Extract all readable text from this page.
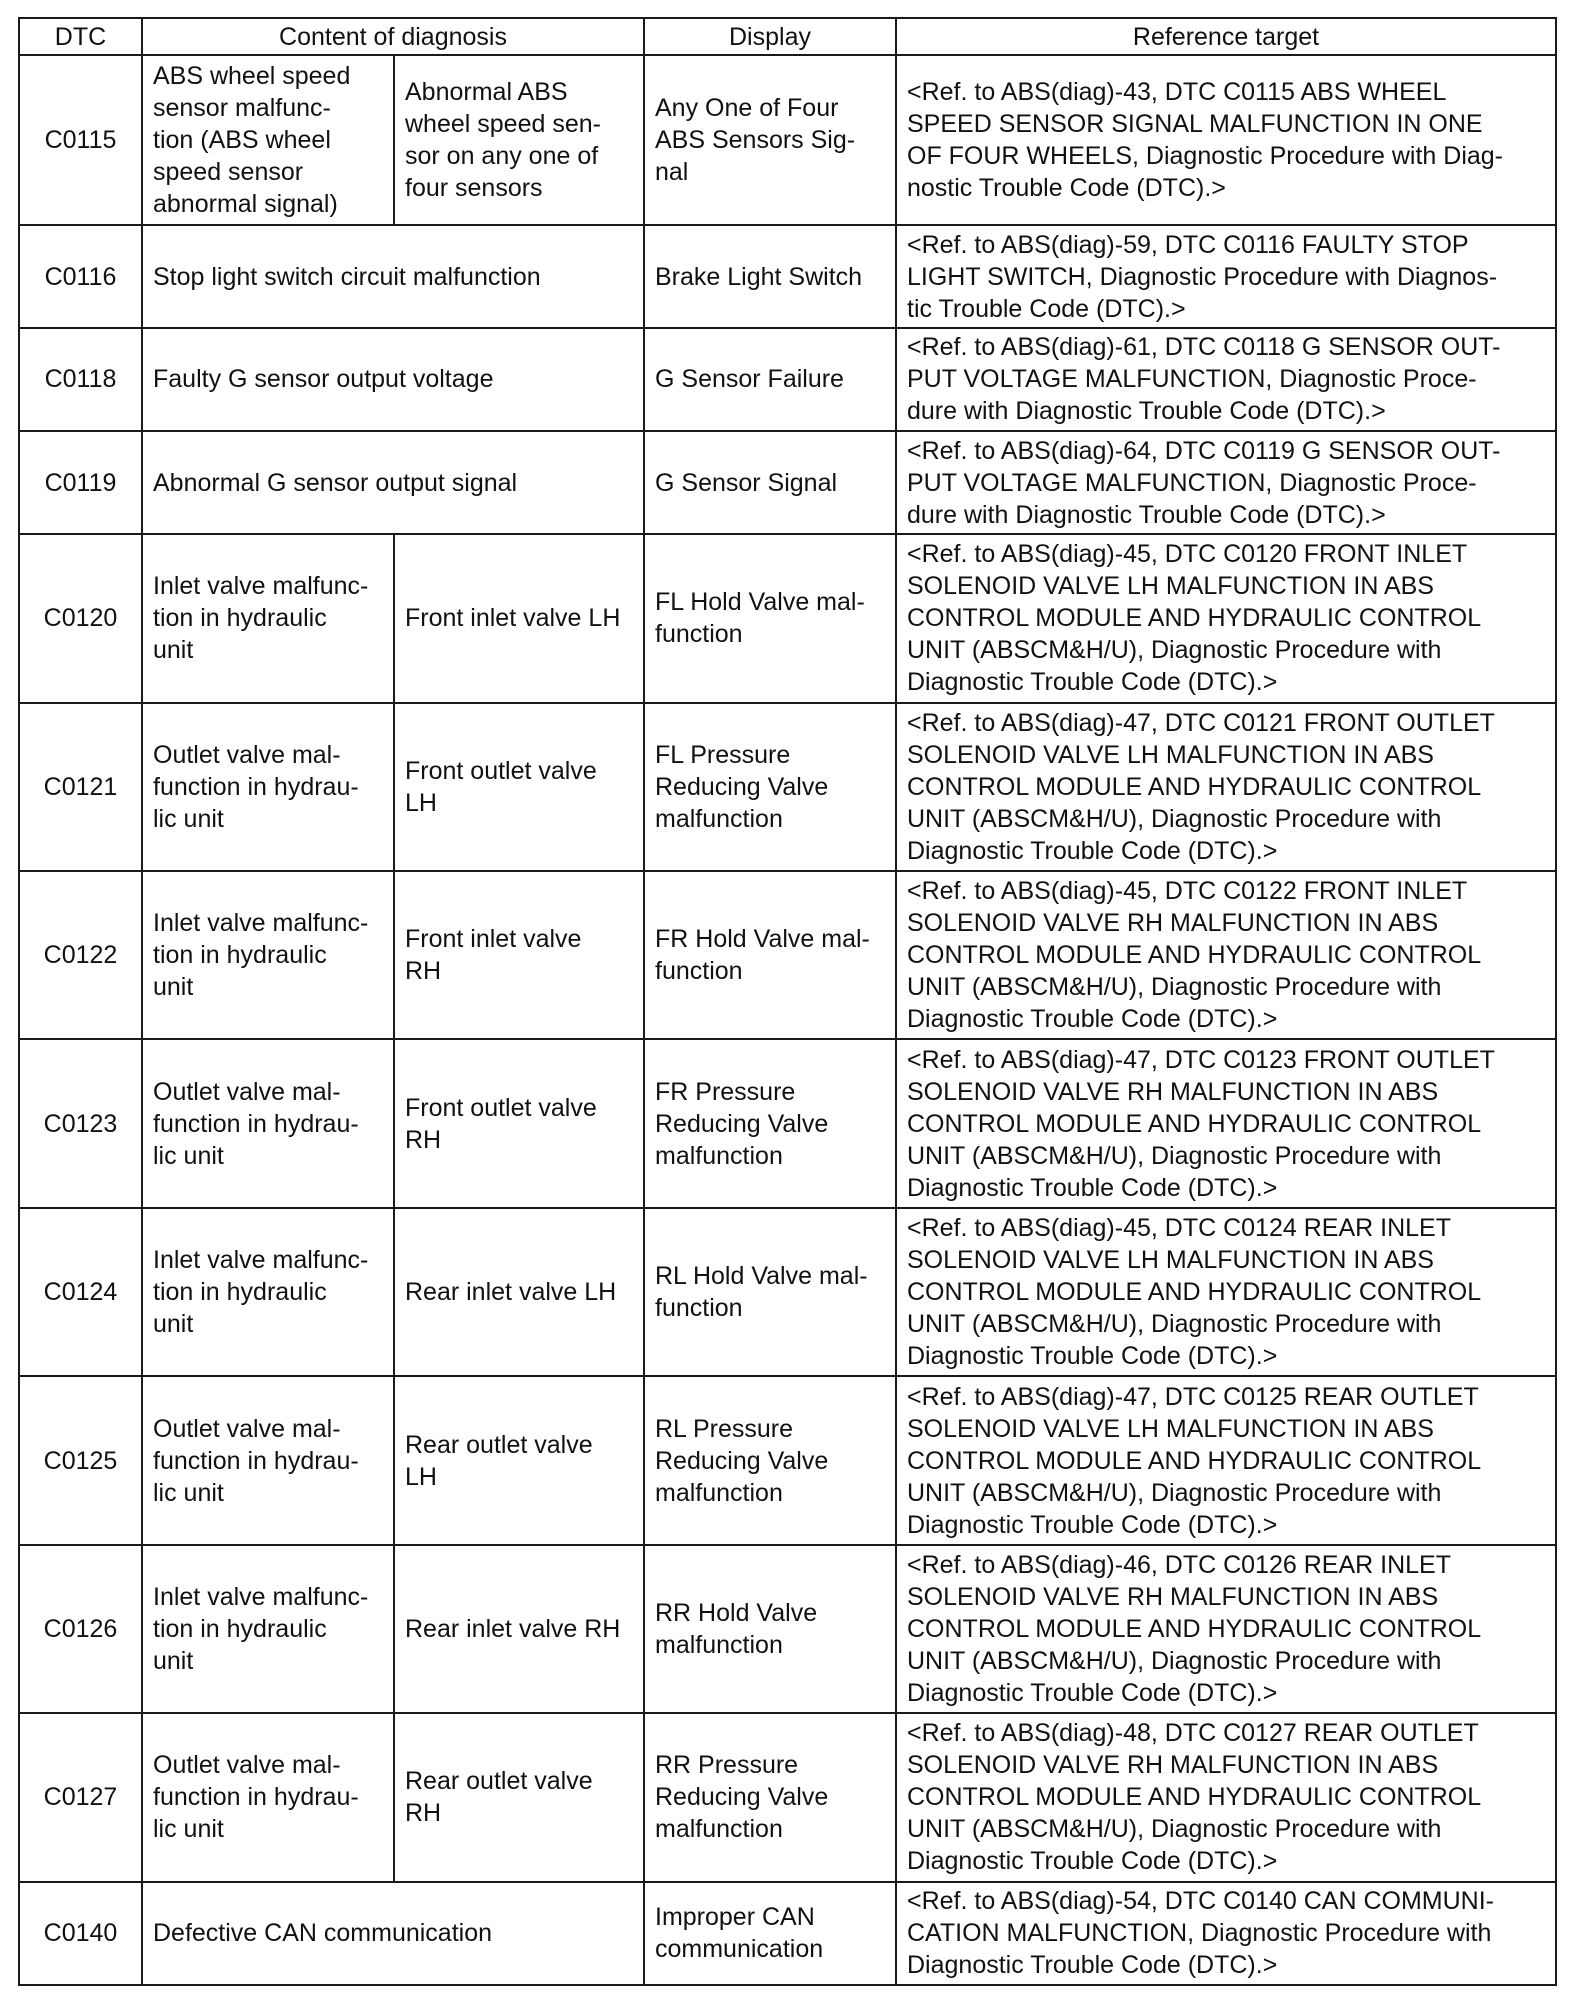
DTC	Content of diagnosis		Display	Reference target
C0115	ABS wheel speed
sensor malfunc-
tion (ABS wheel
speed sensor
abnormal signal)	Abnormal ABS
wheel speed sen-
sor on any one of
four sensors	Any One of Four
ABS Sensors Sig-
nal	<Ref. to ABS(diag)-43, DTC C0115 ABS WHEEL
SPEED SENSOR SIGNAL MALFUNCTION IN ONE
OF FOUR WHEELS, Diagnostic Procedure with Diag-
nostic Trouble Code (DTC).>
C0116	Stop light switch circuit malfunction		Brake Light Switch	<Ref. to ABS(diag)-59, DTC C0116 FAULTY STOP
LIGHT SWITCH, Diagnostic Procedure with Diagnos-
tic Trouble Code (DTC).>
C0118	Faulty G sensor output voltage		G Sensor Failure	<Ref. to ABS(diag)-61, DTC C0118 G SENSOR OUT-
PUT VOLTAGE MALFUNCTION, Diagnostic Proce-
dure with Diagnostic Trouble Code (DTC).>
C0119	Abnormal G sensor output signal		G Sensor Signal	<Ref. to ABS(diag)-64, DTC C0119 G SENSOR OUT-
PUT VOLTAGE MALFUNCTION, Diagnostic Proce-
dure with Diagnostic Trouble Code (DTC).>
C0120	Inlet valve malfunc-
tion in hydraulic
unit	Front inlet valve LH	FL Hold Valve mal-
function	<Ref. to ABS(diag)-45, DTC C0120 FRONT INLET
SOLENOID VALVE LH MALFUNCTION IN ABS
CONTROL MODULE AND HYDRAULIC CONTROL
UNIT (ABSCM&H/U), Diagnostic Procedure with
Diagnostic Trouble Code (DTC).>
C0121	Outlet valve mal-
function in hydrau-
lic unit	Front outlet valve
LH	FL Pressure
Reducing Valve
malfunction	<Ref. to ABS(diag)-47, DTC C0121 FRONT OUTLET
SOLENOID VALVE LH MALFUNCTION IN ABS
CONTROL MODULE AND HYDRAULIC CONTROL
UNIT (ABSCM&H/U), Diagnostic Procedure with
Diagnostic Trouble Code (DTC).>
C0122	Inlet valve malfunc-
tion in hydraulic
unit	Front inlet valve
RH	FR Hold Valve mal-
function	<Ref. to ABS(diag)-45, DTC C0122 FRONT INLET
SOLENOID VALVE RH MALFUNCTION IN ABS
CONTROL MODULE AND HYDRAULIC CONTROL
UNIT (ABSCM&H/U), Diagnostic Procedure with
Diagnostic Trouble Code (DTC).>
C0123	Outlet valve mal-
function in hydrau-
lic unit	Front outlet valve
RH	FR Pressure
Reducing Valve
malfunction	<Ref. to ABS(diag)-47, DTC C0123 FRONT OUTLET
SOLENOID VALVE RH MALFUNCTION IN ABS
CONTROL MODULE AND HYDRAULIC CONTROL
UNIT (ABSCM&H/U), Diagnostic Procedure with
Diagnostic Trouble Code (DTC).>
C0124	Inlet valve malfunc-
tion in hydraulic
unit	Rear inlet valve LH	RL Hold Valve mal-
function	<Ref. to ABS(diag)-45, DTC C0124 REAR INLET
SOLENOID VALVE LH MALFUNCTION IN ABS
CONTROL MODULE AND HYDRAULIC CONTROL
UNIT (ABSCM&H/U), Diagnostic Procedure with
Diagnostic Trouble Code (DTC).>
C0125	Outlet valve mal-
function in hydrau-
lic unit	Rear outlet valve
LH	RL Pressure
Reducing Valve
malfunction	<Ref. to ABS(diag)-47, DTC C0125 REAR OUTLET
SOLENOID VALVE LH MALFUNCTION IN ABS
CONTROL MODULE AND HYDRAULIC CONTROL
UNIT (ABSCM&H/U), Diagnostic Procedure with
Diagnostic Trouble Code (DTC).>
C0126	Inlet valve malfunc-
tion in hydraulic
unit	Rear inlet valve RH	RR Hold Valve
malfunction	<Ref. to ABS(diag)-46, DTC C0126 REAR INLET
SOLENOID VALVE RH MALFUNCTION IN ABS
CONTROL MODULE AND HYDRAULIC CONTROL
UNIT (ABSCM&H/U), Diagnostic Procedure with
Diagnostic Trouble Code (DTC).>
C0127	Outlet valve mal-
function in hydrau-
lic unit	Rear outlet valve
RH	RR Pressure
Reducing Valve
malfunction	<Ref. to ABS(diag)-48, DTC C0127 REAR OUTLET
SOLENOID VALVE RH MALFUNCTION IN ABS
CONTROL MODULE AND HYDRAULIC CONTROL
UNIT (ABSCM&H/U), Diagnostic Procedure with
Diagnostic Trouble Code (DTC).>
C0140	Defective CAN communication		Improper CAN
communication	<Ref. to ABS(diag)-54, DTC C0140 CAN COMMUNI-
CATION MALFUNCTION, Diagnostic Procedure with
Diagnostic Trouble Code (DTC).>
